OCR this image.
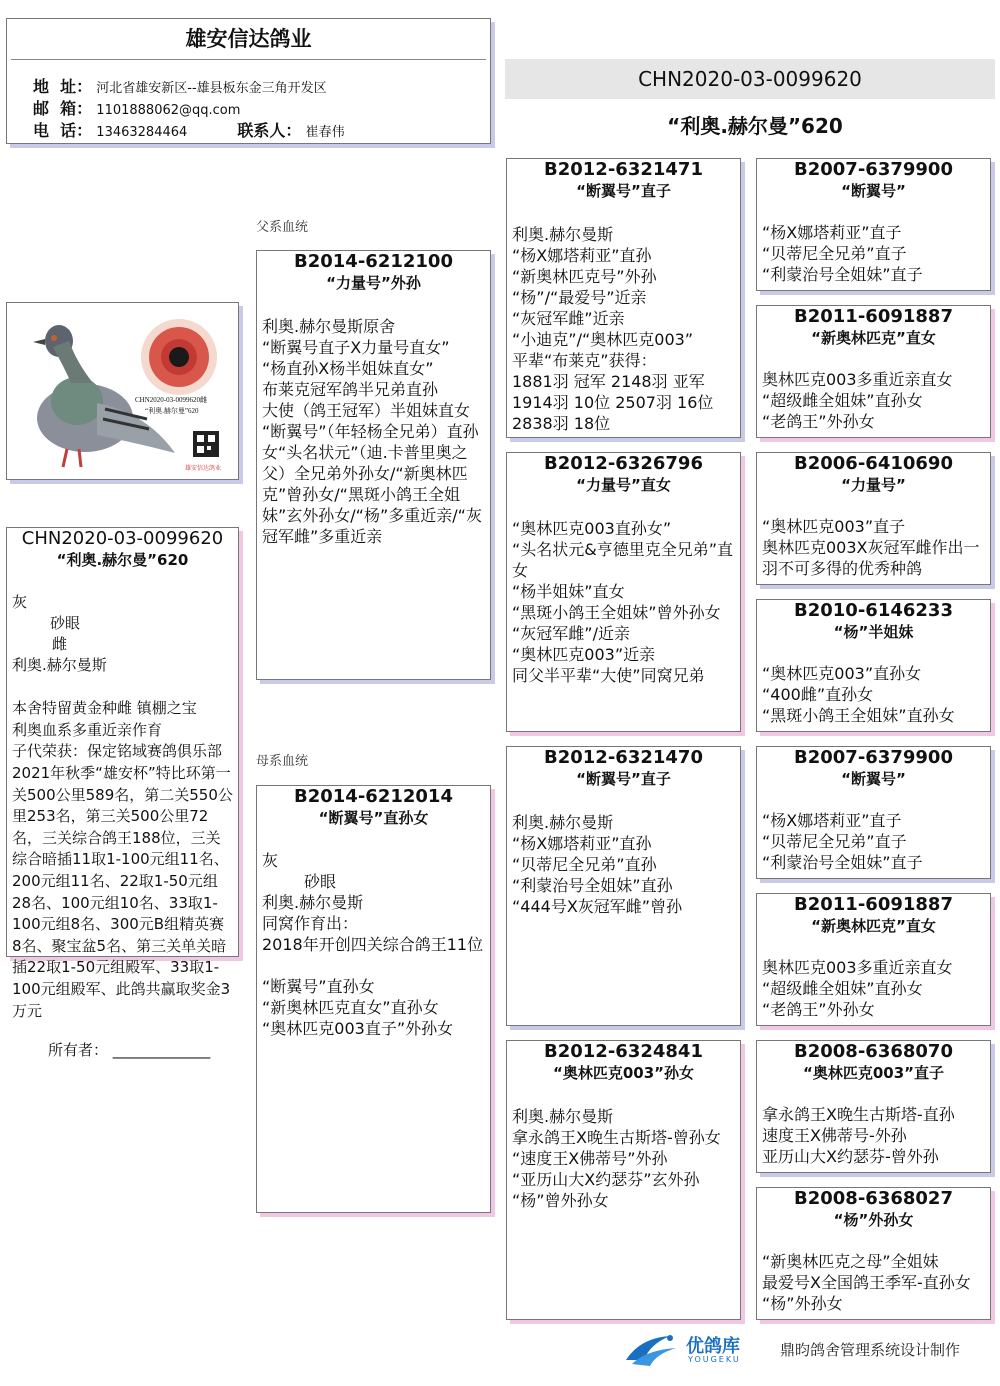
雄安信达鸽业
地  址： 河北省雄安新区--雄县板东金三角开发区
邮  箱： 1101888062@qq.com
电  话： 13463284464	联系人： 崔春伟
CHN2020-03-0099620
“利奥.赫尔曼”620
CHN2020-03-0099620雌
“利奥.赫尔曼”620
雄安信达鸽业
CHN2020-03-0099620
“利奥.赫尔曼”620

灰
砂眼
雌

利奥.赫尔曼斯

本舍特留黄金种雌 镇棚之宝
利奥血系多重近亲作育
子代荣获：保定铭域赛鸽俱乐部2021年秋季“雄安杯”特比环第一关500公里589名，第二关550公里253名，第三关500公里72名，三关综合鸽王188位，三关综合暗插11取1-100元组11名、200元组11名、22取1-50元组28名、100元组10名、33取1-100元组8名、300元B组精英赛8名、聚宝盆5名、第三关单关暗插22取1-50元组殿军、33取1-100元组殿军、此鸽共赢取奖金3万元
所有者： _____________
父系血统
母系血统
B2014-6212100
“力量号”外孙
利奥.赫尔曼斯原舍
“断翼号直子X力量号直女”
“杨直孙X杨半姐妹直女”
布莱克冠军鸽半兄弟直孙
大使（鸽王冠军）半姐妹直女
“断翼号”（年轻杨全兄弟）直孙女“头名状元”（迪.卡普里奥之父）全兄弟外孙女/“新奥林匹克”曾孙女/“黑斑小鸽王全姐妹”玄外孙女/“杨”多重近亲/“灰冠军雌”多重近亲
B2014-6212014
“断翼号”直孙女

灰
砂眼

利奥.赫尔曼斯
同窝作育出：
2018年开创四关综合鸽王11位

“断翼号”直孙女
“新奥林匹克直女”直孙女
“奥林匹克003直子”外孙女
B2012-6321471
“断翼号”直子
利奥.赫尔曼斯
“杨X娜塔莉亚”直孙
“新奥林匹克号”外孙
“杨”/“最爱号”近亲
“灰冠军雌”近亲
“小迪克”/“奥林匹克003”
平辈“布莱克”获得：
1881羽 冠军 2148羽 亚军
1914羽 10位 2507羽 16位
2838羽 18位
B2012-6326796
“力量号”直女
“奥林匹克003直孙女”
“头名状元&亨德里克全兄弟”直女
“杨半姐妹”直女
“黑斑小鸽王全姐妹”曾外孙女
“灰冠军雌”/近亲
“奥林匹克003”近亲
同父半平辈“大使”同窝兄弟
B2012-6321470
“断翼号”直子
利奥.赫尔曼斯
“杨X娜塔莉亚”直孙
“贝蒂尼全兄弟”直孙
“利蒙治号全姐妹”直孙
“444号X灰冠军雌”曾孙
B2012-6324841
“奥林匹克003”孙女
利奥.赫尔曼斯
拿永鸽王X晚生古斯塔-曾孙女
“速度王X佛蒂号”外孙
“亚历山大X约瑟芬”玄外孙
“杨”曾外孙女
B2007-6379900
“断翼号”
“杨X娜塔莉亚”直子
“贝蒂尼全兄弟”直子
“利蒙治号全姐妹”直子
B2011-6091887
“新奥林匹克”直女
奥林匹克003多重近亲直女
“超级雌全姐妹”直孙女
“老鸽王”外孙女
B2006-6410690
“力量号”
“奥林匹克003”直子
奥林匹克003X灰冠军雌作出一羽不可多得的优秀种鸽
B2010-6146233
“杨”半姐妹
“奥林匹克003”直孙女
“400雌”直孙女
“黑斑小鸽王全姐妹”直孙女
B2007-6379900
“断翼号”
“杨X娜塔莉亚”直子
“贝蒂尼全兄弟”直子
“利蒙治号全姐妹”直子
B2011-6091887
“新奥林匹克”直女
奥林匹克003多重近亲直女
“超级雌全姐妹”直孙女
“老鸽王”外孙女
B2008-6368070
“奥林匹克003”直子
拿永鸽王X晚生古斯塔-直孙
速度王X佛蒂号-外孙
亚历山大X约瑟芬-曾外孙
B2008-6368027
“杨”外孙女
“新奥林匹克之母”全姐妹
最爱号X全国鸽王季军-直孙女
“杨”外孙女
优鸽库
YOUGEKU
鼎昀鸽舍管理系统设计制作
